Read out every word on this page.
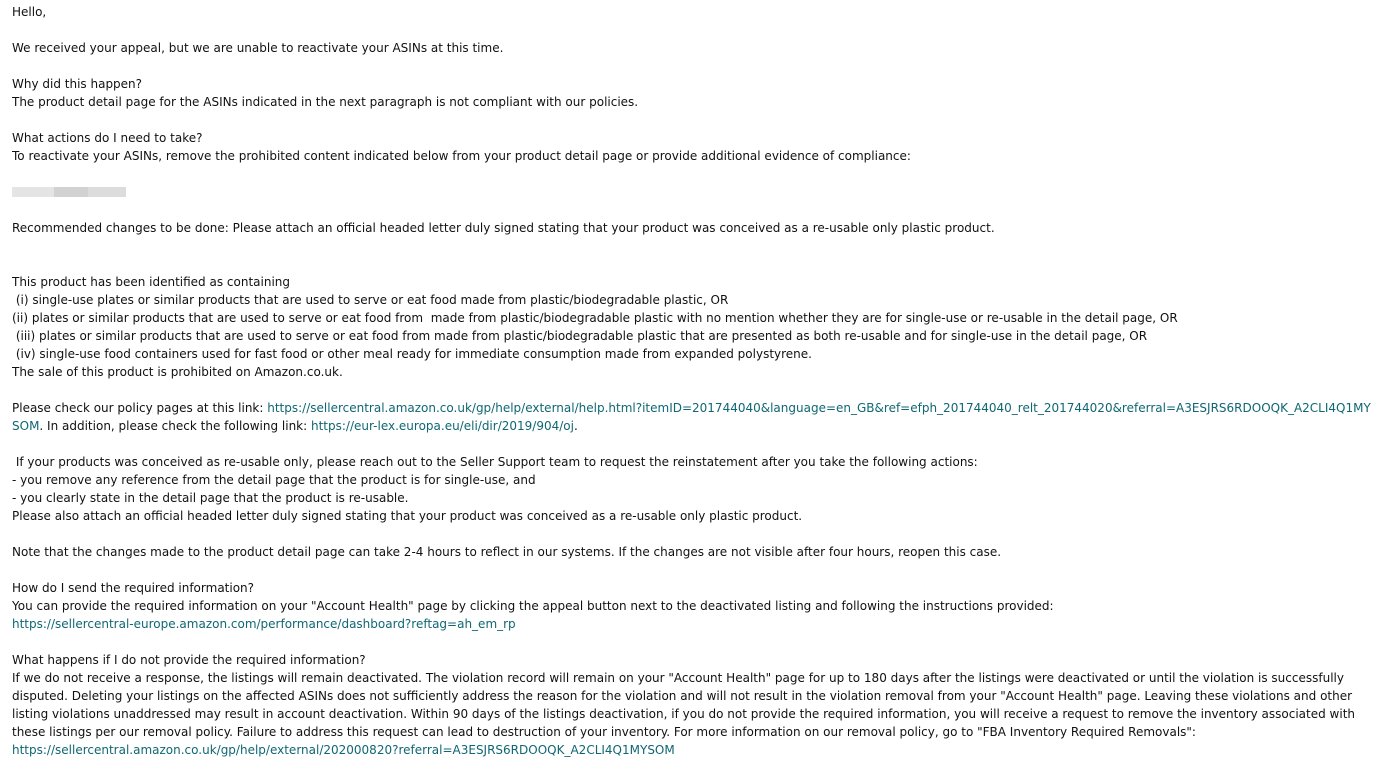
Hello,
We received your appeal, but we are unable to reactivate your ASINs at this time.
Why did this happen?
The product detail page for the ASINs indicated in the next paragraph is not compliant with our policies.
What actions do I need to take?
To reactivate your ASINs, remove the prohibited content indicated below from your product detail page or provide additional evidence of compliance:
Recommended changes to be done: Please attach an official headed letter duly signed stating that your product was conceived as a re-usable only plastic product.
This product has been identified as containing
(i) single-use plates or similar products that are used to serve or eat food made from plastic/biodegradable plastic, OR
(ii) plates or similar products that are used to serve or eat food from  made from plastic/biodegradable plastic with no mention whether they are for single-use or re-usable in the detail page, OR
(iii) plates or similar products that are used to serve or eat food from made from plastic/biodegradable plastic that are presented as both re-usable and for single-use in the detail page, OR
(iv) single-use food containers used for fast food or other meal ready for immediate consumption made from expanded polystyrene.
The sale of this product is prohibited on Amazon.co.uk.
Please check our policy pages at this link: https://sellercentral.amazon.co.uk/gp/help/external/help.html?itemID=201744040&language=en_GB&ref=efph_201744040_relt_201744020&referral=A3ESJRS6RDOOQK_A2CLI4Q1MYSOM. In addition, please check the following link: https://eur-lex.europa.eu/eli/dir/2019/904/oj.
If your products was conceived as re-usable only, please reach out to the Seller Support team to request the reinstatement after you take the following actions:
- you remove any reference from the detail page that the product is for single-use, and
- you clearly state in the detail page that the product is re-usable.
Please also attach an official headed letter duly signed stating that your product was conceived as a re-usable only plastic product.
Note that the changes made to the product detail page can take 2-4 hours to reflect in our systems. If the changes are not visible after four hours, reopen this case.
How do I send the required information?
You can provide the required information on your "Account Health" page by clicking the appeal button next to the deactivated listing and following the instructions provided:
https://sellercentral-europe.amazon.com/performance/dashboard?reftag=ah_em_rp
What happens if I do not provide the required information?
If we do not receive a response, the listings will remain deactivated. The violation record will remain on your "Account Health" page for up to 180 days after the listings were deactivated or until the violation is successfully disputed. Deleting your listings on the affected ASINs does not sufficiently address the reason for the violation and will not result in the violation removal from your "Account Health" page. Leaving these violations and other listing violations unaddressed may result in account deactivation. Within 90 days of the listings deactivation, if you do not provide the required information, you will receive a request to remove the inventory associated with these listings per our removal policy. Failure to address this request can lead to destruction of your inventory. For more information on our removal policy, go to "FBA Inventory Required Removals":
https://sellercentral.amazon.co.uk/gp/help/external/202000820?referral=A3ESJRS6RDOOQK_A2CLI4Q1MYSOM
